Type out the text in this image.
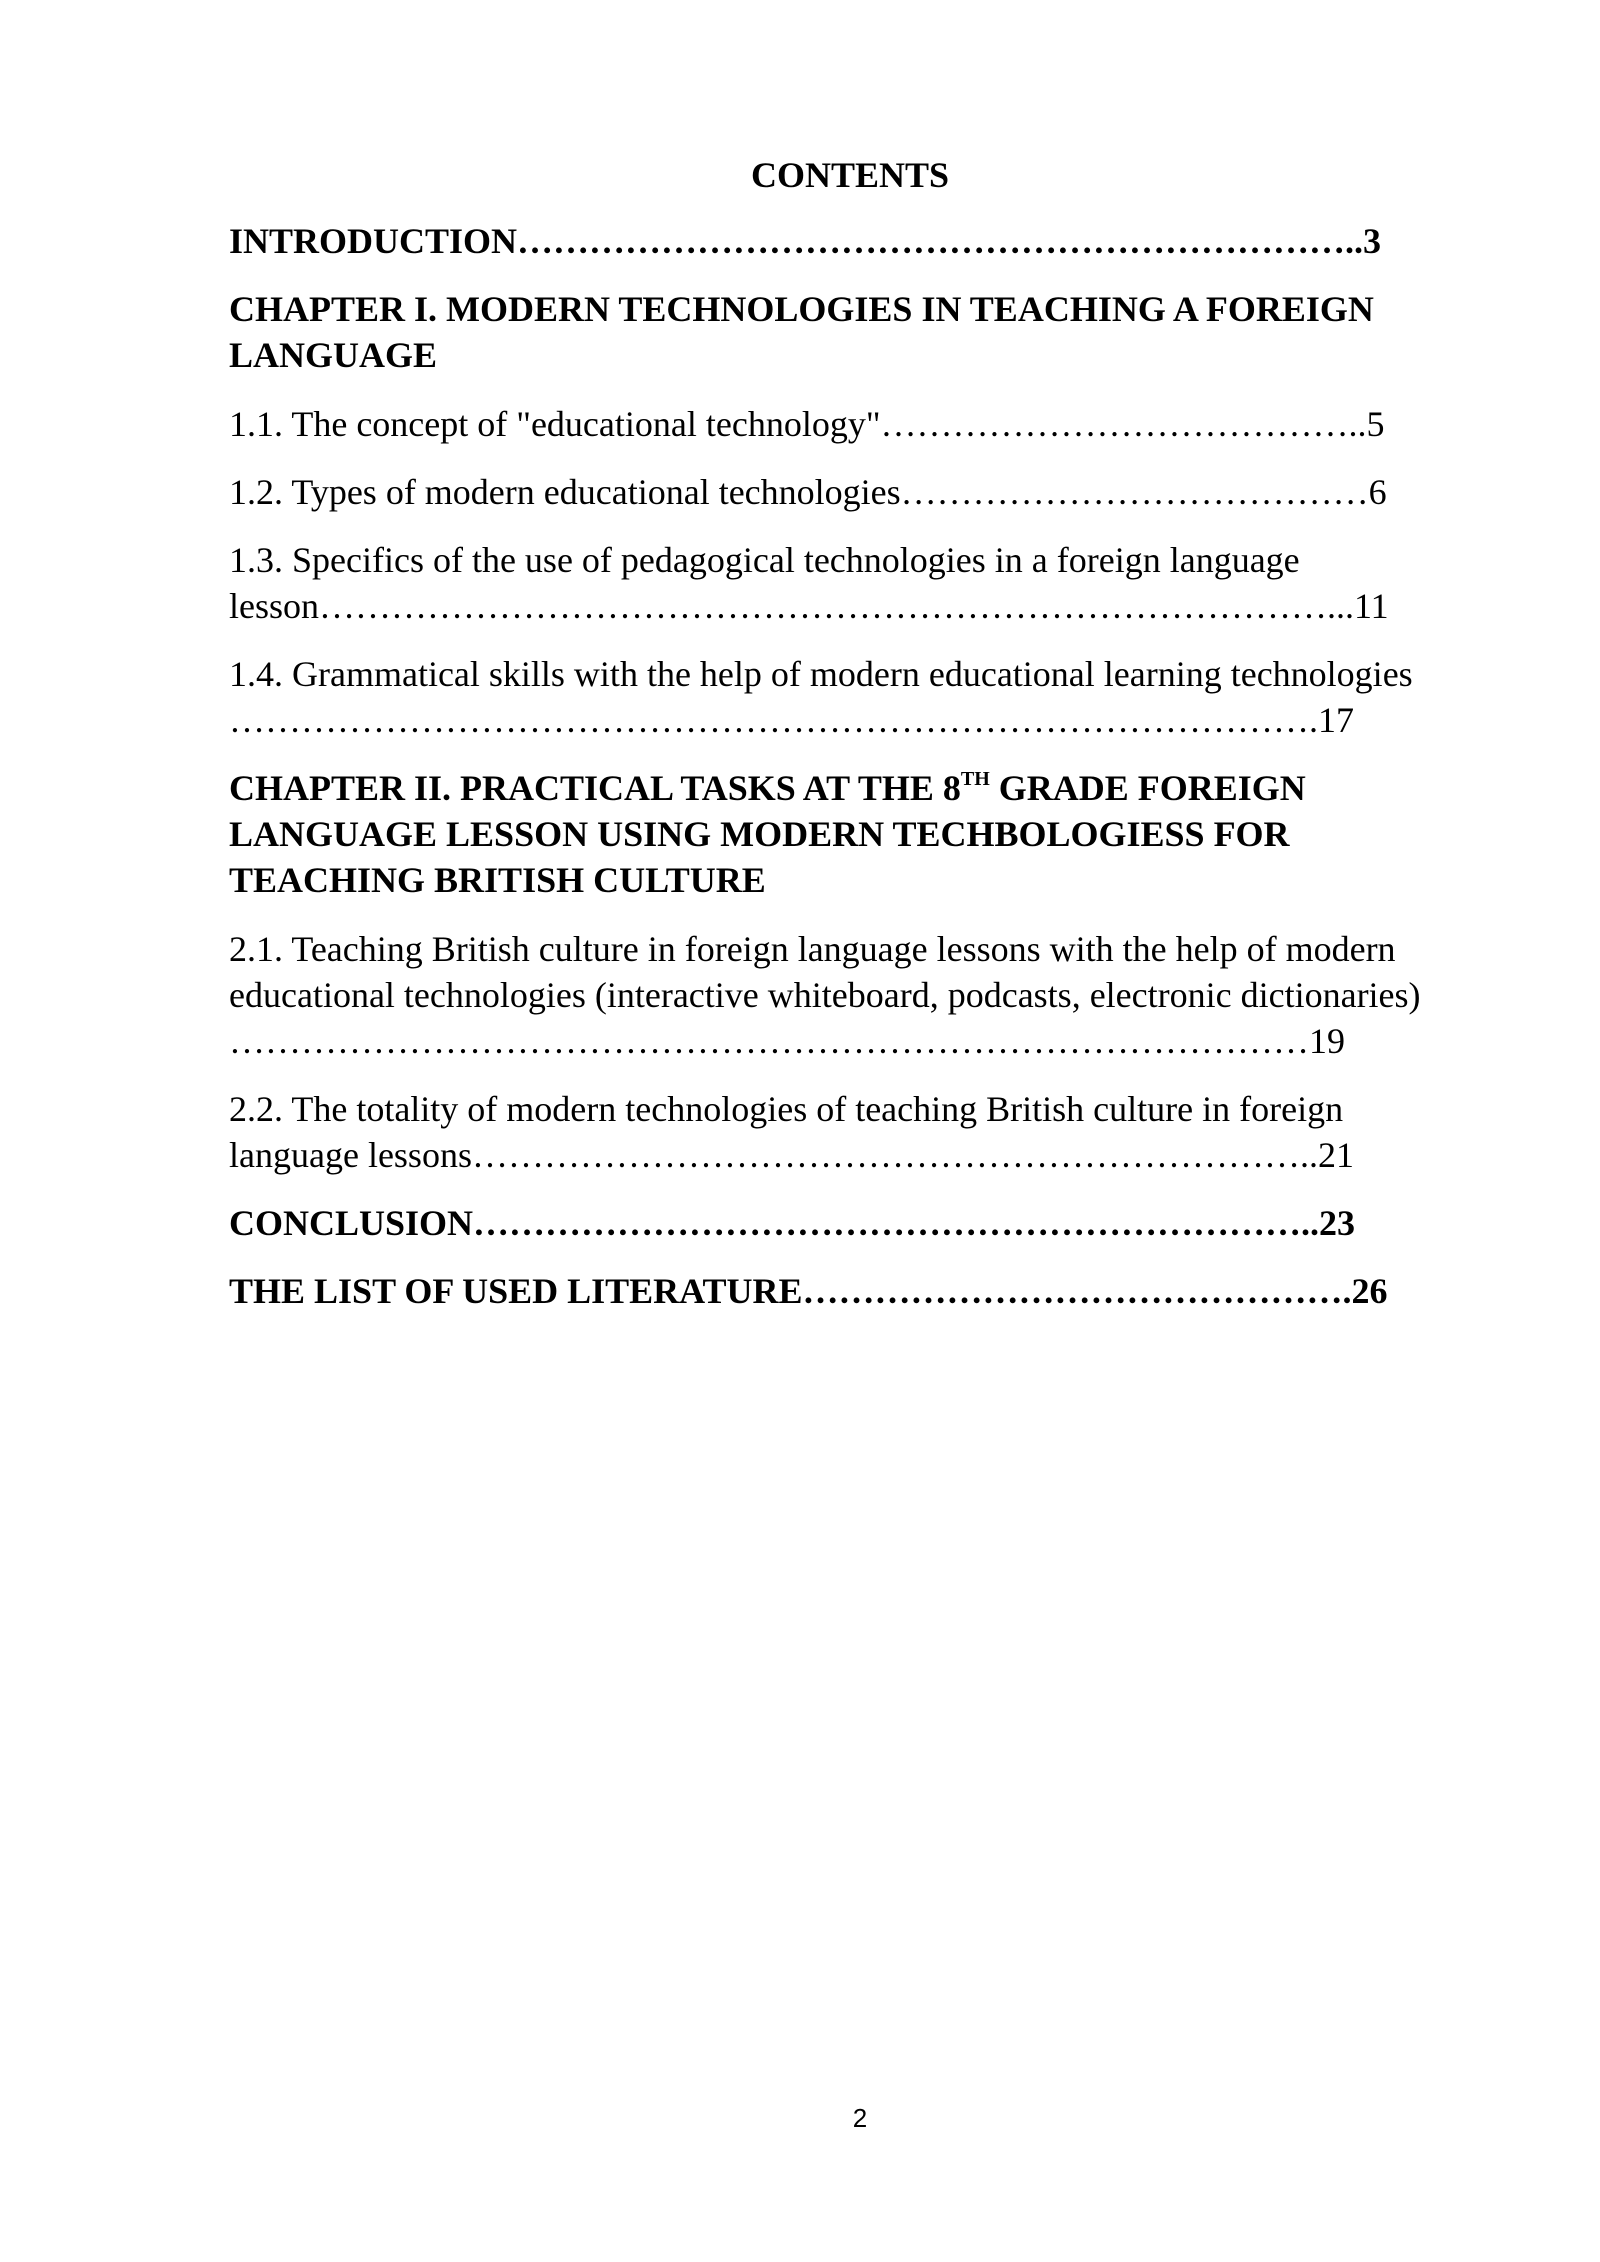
CONTENTS

INTRODUCTION……………………………………………………………..3

CHAPTER I. MODERN TECHNOLOGIES IN TEACHING A FOREIGN
LANGUAGE

1.1. The concept of "educational technology"…………………………………..5

1.2. Types of modern educational technologies…………………………………6

1.3. Specifics of the use of pedagogical technologies in a foreign language
lesson…………………………………………………………………………...11

1.4. Grammatical skills with the help of modern educational learning technologies
……………………………………………………………………………….17

CHAPTER II. PRACTICAL TASKS AT THE 8TH GRADE FOREIGN
LANGUAGE LESSON USING MODERN TECHBOLOGIESS FOR
TEACHING BRITISH CULTURE

2.1. Teaching British culture in foreign language lessons with the help of modern
educational technologies (interactive whiteboard, podcasts, electronic dictionaries)
………………………………………………………………………………19

2.2. The totality of modern technologies of teaching British culture in foreign
language lessons……………………………………………………………..21

CONCLUSION……………………………………………………………..23

THE LIST OF USED LITERATURE……………………………………….26

2
